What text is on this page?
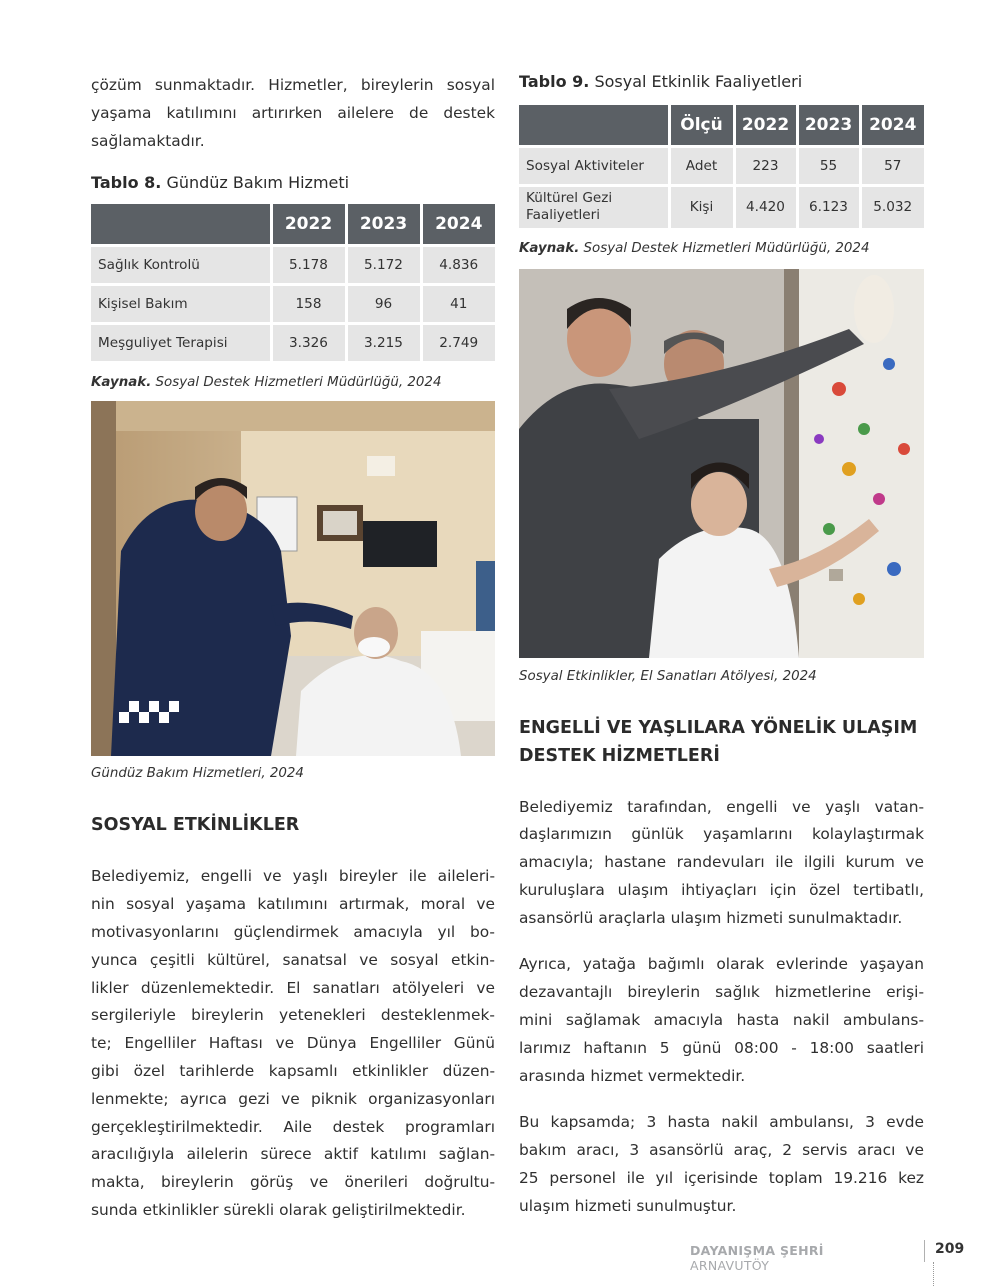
çözüm sunmaktadır. Hizmetler, bireylerin sosyal

yaşama katılımını artırırken ailelere de destek

sağlamaktadır.

Tablo 8. Gündüz Bakım Hizmeti

	2022	2023	2024
Sağlık Kontrolü	5.178	5.172	4.836
Kişisel Bakım	158	96	41
Meşguliyet Terapisi	3.326	3.215	2.749

Kaynak. Sosyal Destek Hizmetleri Müdürlüğü, 2024

Gündüz Bakım Hizmetleri, 2024

SOSYAL ETKİNLİKLER

Belediyemiz, engelli ve yaşlı bireyler ile aileleri-

nin sosyal yaşama katılımını artırmak, moral ve

motivasyonlarını güçlendirmek amacıyla yıl bo-

yunca çeşitli kültürel, sanatsal ve sosyal etkin-

likler düzenlemektedir. El sanatları atölyeleri ve

sergileriyle bireylerin yetenekleri desteklenmek-

te; Engelliler Haftası ve Dünya Engelliler Günü

gibi özel tarihlerde kapsamlı etkinlikler düzen-

lenmekte; ayrıca gezi ve piknik organizasyonları

gerçekleştirilmektedir. Aile destek programları

aracılığıyla ailelerin sürece aktif katılımı sağlan-

makta, bireylerin görüş ve önerileri doğrultu-

sunda etkinlikler sürekli olarak geliştirilmektedir.

Tablo 9. Sosyal Etkinlik Faaliyetleri

	Ölçü	2022	2023	2024
Sosyal Aktiviteler	Adet	223	55	57
Kültürel Gezi Faaliyetleri	Kişi	4.420	6.123	5.032

Kaynak. Sosyal Destek Hizmetleri Müdürlüğü, 2024

Sosyal Etkinlikler, El Sanatları Atölyesi, 2024

ENGELLİ VE YAŞLILARA YÖNELİK ULAŞIM
DESTEK HİZMETLERİ

Belediyemiz tarafından, engelli ve yaşlı vatan-

daşlarımızın günlük yaşamlarını kolaylaştırmak

amacıyla; hastane randevuları ile ilgili kurum ve

kuruluşlara ulaşım ihtiyaçları için özel tertibatlı,

asansörlü araçlarla ulaşım hizmeti sunulmaktadır.

Ayrıca, yatağa bağımlı olarak evlerinde yaşayan

dezavantajlı bireylerin sağlık hizmetlerine erişi-

mini sağlamak amacıyla hasta nakil ambulans-

larımız haftanın 5 günü 08:00 - 18:00 saatleri

arasında hizmet vermektedir.

Bu kapsamda; 3 hasta nakil ambulansı, 3 evde

bakım aracı, 3 asansörlü araç, 2 servis aracı ve

25 personel ile yıl içerisinde toplam 19.216 kez

ulaşım hizmeti sunulmuştur.

DAYANIŞMA ŞEHRİ ARNAVUTÖY
209
